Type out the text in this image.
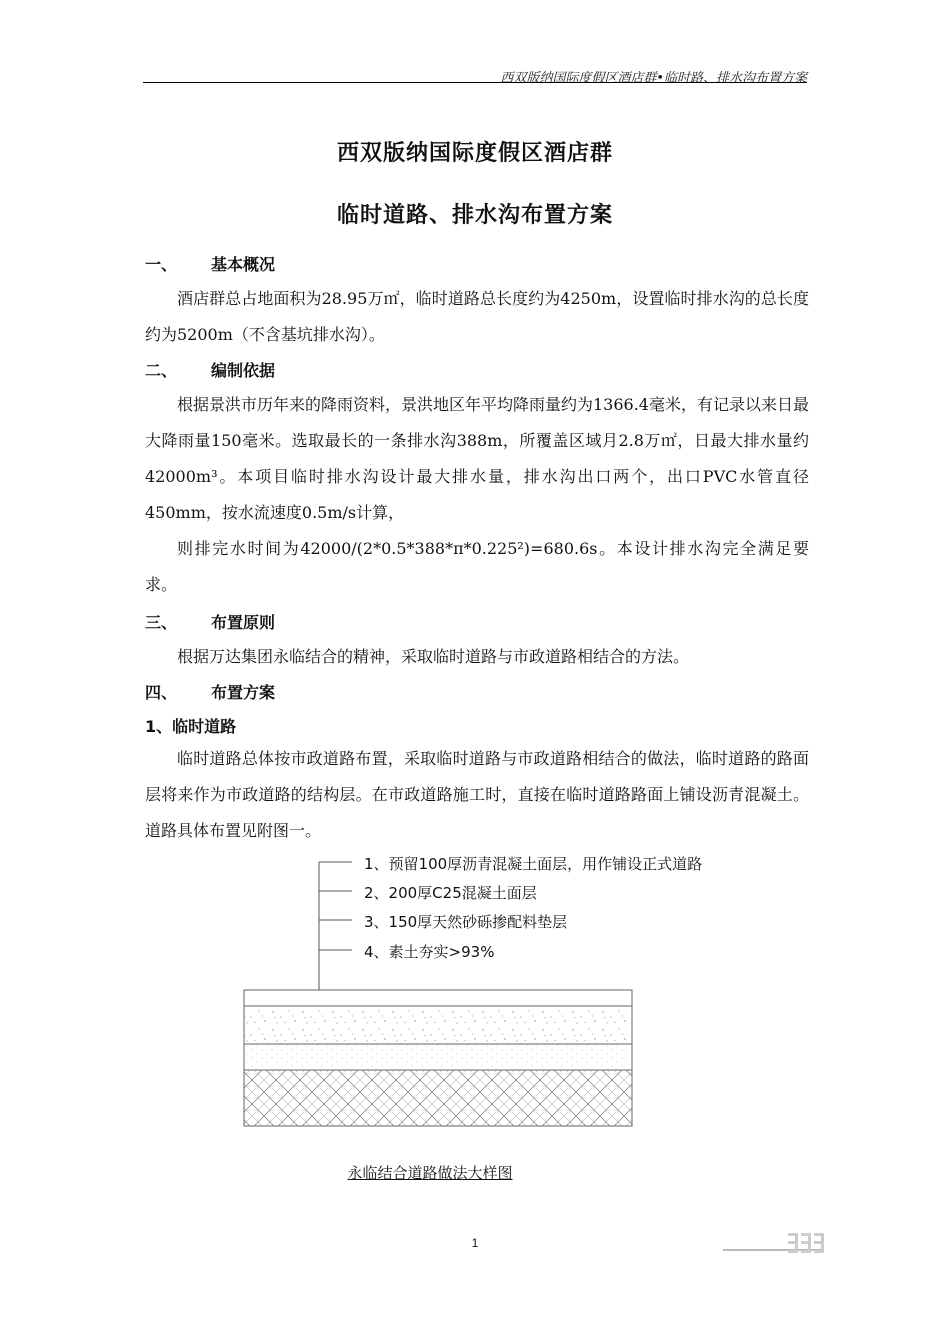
西双版纳国际度假区酒店群•临时路、排水沟布置方案
西双版纳国际度假区酒店群
临时道路、排水沟布置方案
一、 基本概况
酒店群总占地面积为28.95万㎡，临时道路总长度约为4250m，设置临时排水沟的总长度约为5200m（不含基坑排水沟）。
二、 编制依据
根据景洪市历年来的降雨资料，景洪地区年平均降雨量约为1366.4毫米，有记录以来日最大降雨量150毫米。选取最长的一条排水沟388m，所覆盖区域月2.8万㎡，日最大排水量约42000m³。本项目临时排水沟设计最大排水量，排水沟出口两个，出口PVC水管直径450mm，按水流速度0.5m/s计算，
则排完水时间为42000/(2*0.5*388*π*0.225²)=680.6s。本设计排水沟完全满足要求。
三、 布置原则
根据万达集团永临结合的精神，采取临时道路与市政道路相结合的方法。
四、 布置方案
1、临时道路
临时道路总体按市政道路布置，采取临时道路与市政道路相结合的做法，临时道路的路面层将来作为市政道路的结构层。在市政道路施工时，直接在临时道路路面上铺设沥青混凝土。道路具体布置见附图一。
1、预留100厚沥青混凝土面层，用作铺设正式道路
2、200厚C25混凝土面层
3、150厚天然砂砾掺配料垫层
4、素土夯实>93%
永临结合道路做法大样图
1
